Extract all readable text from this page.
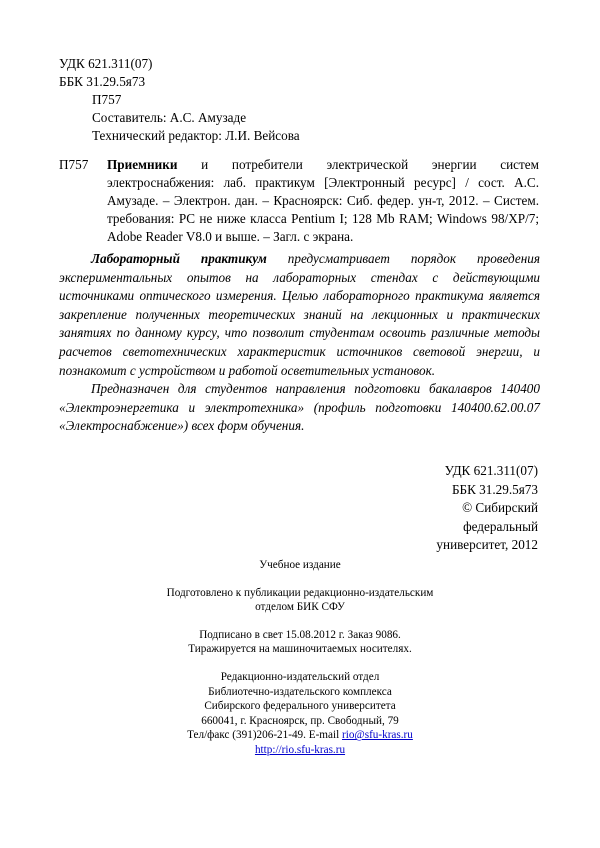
УДК 621.311(07)
ББК 31.29.5я73
П757
Составитель: А.С. Амузаде
Технический редактор: Л.И. Вейсова
П757 Приемники и потребители электрической энергии систем

электроснабжения: лаб. практикум [Электронный ресурс] / сост. А.С.

Амузаде. – Электрон. дан. – Красноярск: Сиб. федер. ун-т, 2012. – Систем.

требования: PC не ниже класса Pentium I; 128 Mb RAM; Windows 98/XP/7;

Adobe Reader V8.0 и выше. – Загл. с экрана.

Лабораторный практикум предусматривает порядок проведения экспериментальных опытов на лабораторных стендах с действующими источниками оптического измерения. Целью лабораторного практикума является закрепление полученных теоретических знаний на лекционных и практических занятиях по данному курсу, что позволит студентам освоить различные методы расчетов светотехнических характеристик источников световой энергии, и познакомит с устройством и работой осветительных установок.

Предназначен для студентов направления подготовки бакалавров 140400 «Электроэнергетика и электротехника» (профиль подготовки 140400.62.00.07 «Электроснабжение») всех форм обучения.

УДК 621.311(07)
ББК 31.29.5я73
© Сибирский
федеральный
университет, 2012

Учебное издание

Подготовлено к публикации редакционно-издательским
отделом БИК СФУ

Подписано в свет 15.08.2012 г. Заказ 9086.
Тиражируется на машиночитаемых носителях.

Редакционно-издательский отдел
Библиотечно-издательского комплекса
Сибирского федерального университета
660041, г. Красноярск, пр. Свободный, 79
Тел/факс (391)206-21-49. E-mail rio@sfu-kras.ru
http://rio.sfu-kras.ru
